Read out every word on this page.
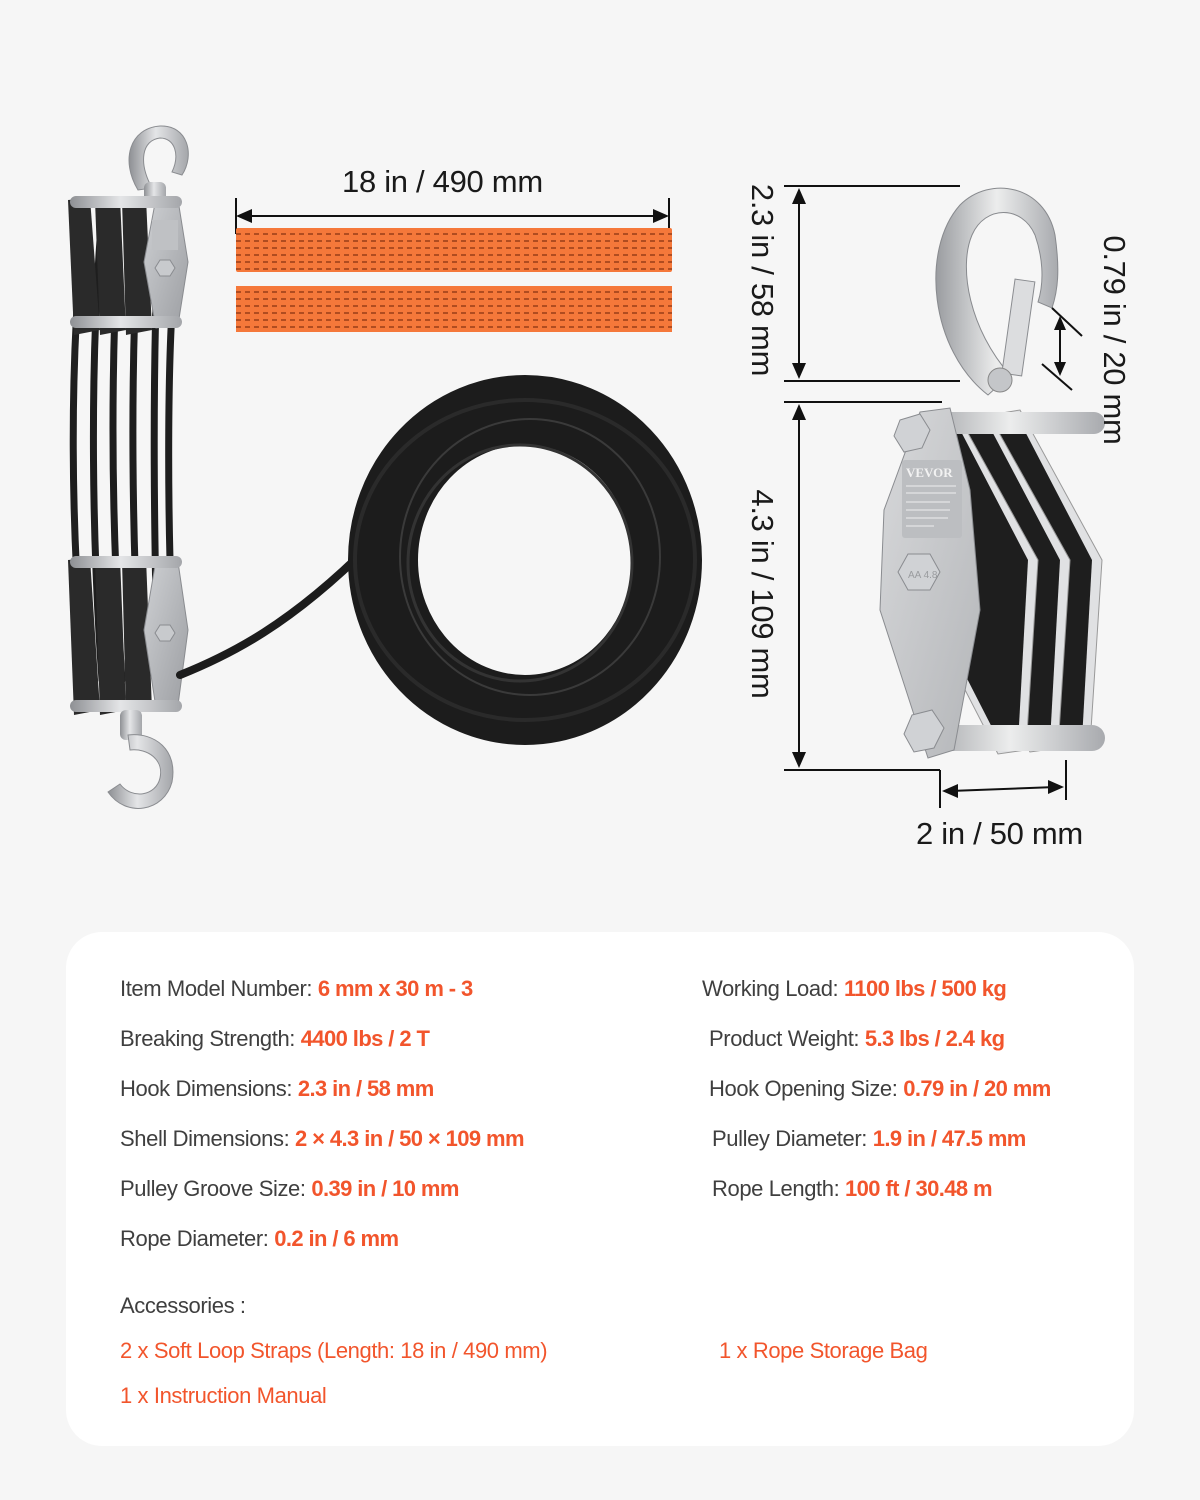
18 in / 490 mm
VEVOR
AA 4.8
2.3 in / 58 mm
4.3 in / 109 mm
0.79 in / 20 mm
2 in / 50 mm
Item Model Number: 6 mm x 30 m - 3
Breaking Strength: 4400 lbs / 2 T
Hook Dimensions: 2.3 in / 58 mm
Shell Dimensions: 2 × 4.3 in / 50 × 109 mm
Pulley Groove Size: 0.39 in / 10 mm
Rope Diameter: 0.2 in / 6 mm
Working Load: 1100 lbs / 500 kg
Product Weight: 5.3 lbs / 2.4 kg
Hook Opening Size: 0.79 in / 20 mm
Pulley Diameter: 1.9 in / 47.5 mm
Rope Length: 100 ft / 30.48 m
Accessories :
2 x Soft Loop Straps (Length: 18 in / 490 mm)	1 x Rope Storage Bag
1 x Instruction Manual
